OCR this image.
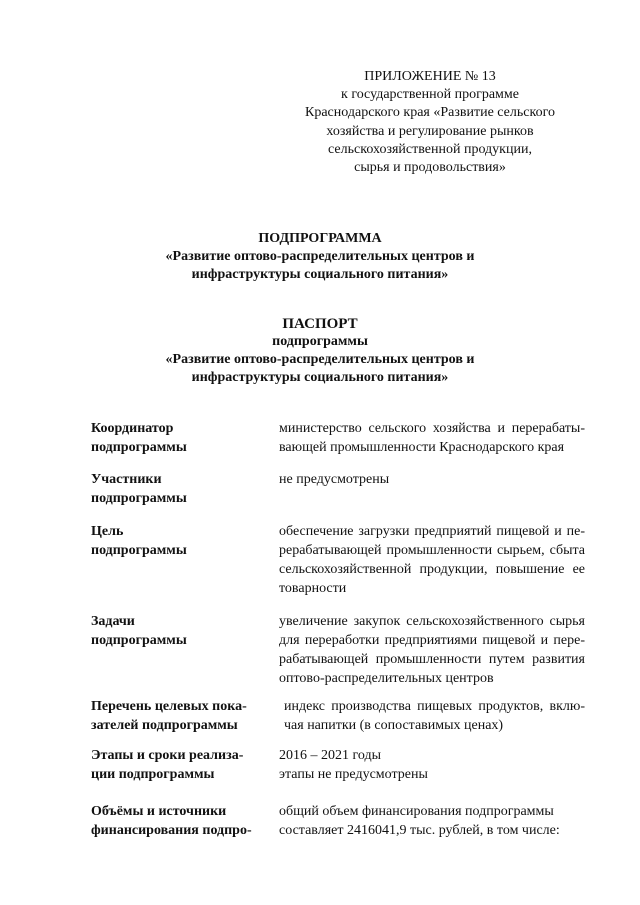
ПРИЛОЖЕНИЕ № 13
к государственной программе
Краснодарского края «Развитие сельского
хозяйства и регулирование рынков
сельскохозяйственной продукции,
сырья и продовольствия»
ПОДПРОГРАММА
«Развитие оптово-распределительных центров и
инфраструктуры социального питания»
ПАСПОРТ
подпрограммы
«Развитие оптово-распределительных центров и
инфраструктуры социального питания»
Координатор
подпрограммы
министерство сельского хозяйства и перерабаты-
вающей промышленности Краснодарского края
Участники
подпрограммы
не предусмотрены
Цель
подпрограммы
обеспечение загрузки предприятий пищевой и пе-
рерабатывающей промышленности сырьем, сбыта
сельскохозяйственной продукции, повышение ее
товарности
Задачи
подпрограммы
увеличение закупок сельскохозяйственного сырья
для переработки предприятиями пищевой и пере-
рабатывающей промышленности путем развития
оптово-распределительных центров
Перечень целевых пока-
зателей подпрограммы
индекс производства пищевых продуктов, вклю-
чая напитки (в сопоставимых ценах)
Этапы и сроки реализа-
ции подпрограммы
2016 – 2021 годы
этапы не предусмотрены
Объёмы и источники
финансирования подпро-
общий объем финансирования подпрограммы
составляет 2416041,9 тыс. рублей, в том числе:
